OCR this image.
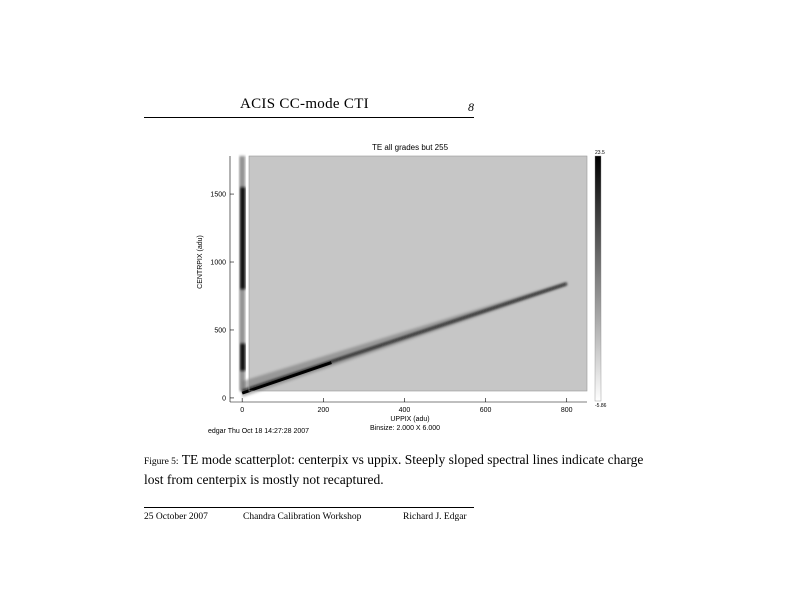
ACIS CC-mode CTI	8
TE all grades but 255
0	200	400	600	800
0
500
1000
1500
UPPIX (adu)
CENTRPIX (adu)
Binsize: 2.000 X 6.000
edgar Thu Oct 18 14:27:28 2007
23.5
-5.86
Figure 5: TE mode scatterplot: centerpix vs uppix. Steeply sloped spectral lines indicate charge lost from centerpix is mostly not recaptured.
25 October 2007	Chandra Calibration Workshop	Richard J. Edgar
